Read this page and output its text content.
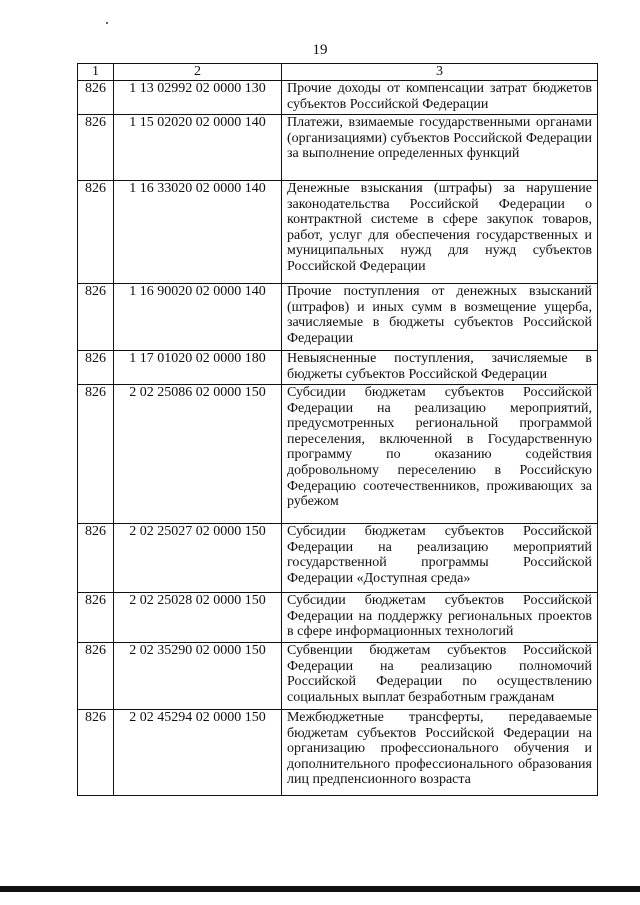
19
1	2	3
826	1 13 02992 02 0000 130	Прочие доходы от компенсации затрат бюджетов субъектов Российской Федерации
826	1 15 02020 02 0000 140	Платежи, взимаемые государственными органами (организациями) субъектов Российской Федерации за выполнение определенных функций
826	1 16 33020 02 0000 140	Денежные взыскания (штрафы) за нарушение законодательства Российской Федерации о контрактной системе в сфере закупок товаров, работ, услуг для обеспечения государственных и муниципальных нужд для нужд субъектов Российской Федерации
826	1 16 90020 02 0000 140	Прочие поступления от денежных взысканий (штрафов) и иных сумм в возмещение ущерба, зачисляемые в бюджеты субъектов Российской Федерации
826	1 17 01020 02 0000 180	Невыясненные поступления, зачисляемые в бюджеты субъектов Российской Федерации
826	2 02 25086 02 0000 150	Субсидии бюджетам субъектов Российской Федерации на реализацию мероприятий, предусмотренных региональной программой переселения, включенной в Государственную программу по оказанию содействия добровольному переселению в Российскую Федерацию соотечественников, проживающих за рубежом
826	2 02 25027 02 0000 150	Субсидии бюджетам субъектов Российской Федерации на реализацию мероприятий государственной программы Российской Федерации «Доступная среда»
826	2 02 25028 02 0000 150	Субсидии бюджетам субъектов Российской Федерации на поддержку региональных проектов в сфере информационных технологий
826	2 02 35290 02 0000 150	Субвенции бюджетам субъектов Российской Федерации на реализацию полномочий Российской Федерации по осуществлению социальных выплат безработным гражданам
826	2 02 45294 02 0000 150	Межбюджетные трансферты, передаваемые бюджетам субъектов Российской Федерации на организацию профессионального обучения и дополнительного профессионального образования лиц предпенсионного возраста
